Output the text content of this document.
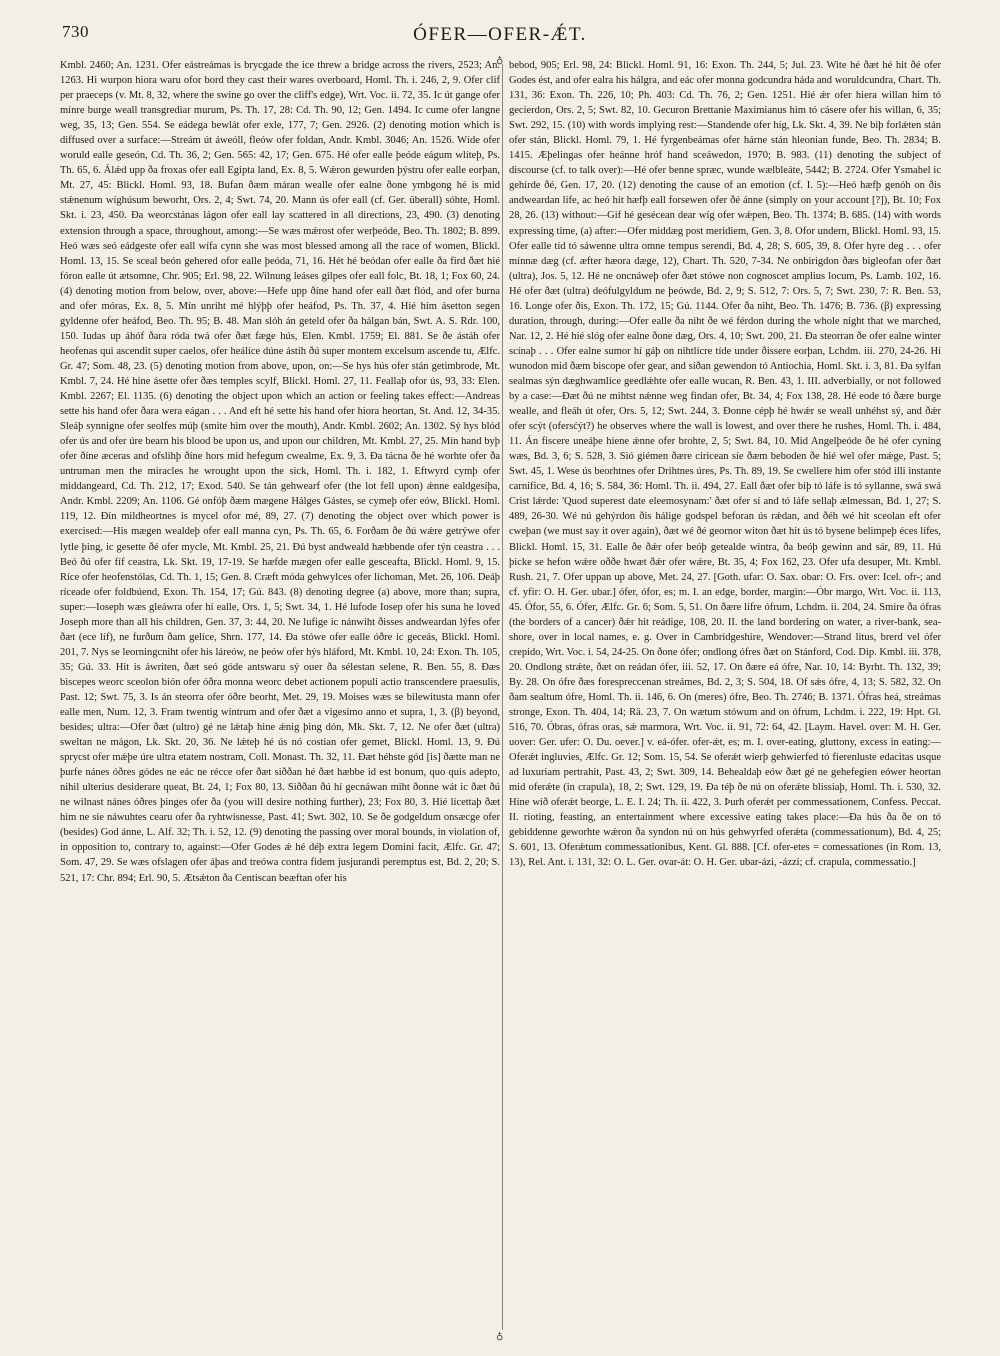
730	ÓFER—OFER-ǼT.
♁
♁

Kmbl. 2460; An. 1231. Ofer eástreámas is brycgade the ice threw a bridge across the rivers, 2523; An. 1263. Hi wurpon hiora waru ofor bord they cast their wares overboard, Homl. Th. i. 246, 2, 9. Ofer clif per praeceps (v. Mt. 8, 32, where the swine go over the cliff's edge), Wrt. Voc. ii. 72, 35. Ic út gange ofer mínre burge weall transgrediar murum, Ps. Th. 17, 28: Cd. Th. 90, 12; Gen. 1494. Ic cume ofer langne weg, 35, 13; Gen. 554. Se eádega bewlát ofer exle, 177, 7; Gen. 2926. (2) denoting motion which is diffused over a surface:—Streám út áweóll, fleów ofer foldan, Andr. Kmbl. 3046; An. 1526. Wíde ofer woruld ealle geseón, Cd. Th. 36, 2; Gen. 565: 42, 17; Gen. 675. Hé ofer ealle þeóde eágum wlíteþ, Ps. Th. 65, 6. Álǽd upp ða froxas ofer eall Egipta land, Ex. 8, 5. Wǽron gewurden þýstru ofer ealle eorþan, Mt. 27, 45: Blickl. Homl. 93, 18. Bufan ðæm máran wealle ofer ealne ðone ymbgong hé is mid stǽnenum wíghúsum beworht, Ors. 2, 4; Swt. 74, 20. Mann ús ofer eall (cf. Ger. überall) sóhte, Homl. Skt. i. 23, 450. Ða weorcstánas lágon ofer eall lay scattered in all directions, 23, 490. (3) denoting extension through a space, throughout, among:—Se wæs mǽrost ofer werþeóde, Beo. Th. 1802; B. 899. Heó wæs seó eádgeste ofer eall wífa cynn she was most blessed among all the race of women, Blickl. Homl. 13, 15. Se sceal beón gehered ofor ealle þeóda, 71, 16. Hét hé beódan ofer ealle ða fird ðæt hié fóron ealle út ætsomne, Chr. 905; Erl. 98, 22. Wilnung leáses gilpes ofer eall folc, Bt. 18, 1; Fox 60, 24. (4) denoting motion from below, over, above:—Hefe upp ðíne hand ofer eall ðæt flód, and ofer burna and ofer móras, Ex. 8, 5. Mín unriht mé hlýþþ ofer heáfod, Ps. Th. 37, 4. Hié him ásetton segen gyldenne ofer heáfod, Beo. Th. 95; B. 48. Man slóh án geteld ofer ða hálgan bán, Swt. A. S. Rdr. 100, 150. Iudas up áhóf ðara róda twá ofer ðæt fæge hús, Elen. Kmbl. 1759; El. 881. Se ðe ástáh ofer heofenas qui ascendit super caelos, ofer heálíce dúne ástíh ðú super montem excelsum ascende tu, Ælfc. Gr. 47; Som. 48, 23. (5) denoting motion from above, upon, on:—Se hys hús ofer stán getimbrode, Mt. Kmbl. 7, 24. Hé hine ásette ofer ðæs temples scylf, Blickl. Homl. 27, 11. Feallaþ ofor ús, 93, 33: Elen. Kmbl. 2267; El. 1135. (6) denoting the object upon which an action or feeling takes effect:—Andreas sette his hand ofer ðara wera eágan . . . And eft hé sette his hand ofer hiora heortan, St. And. 12, 34-35. Sleáþ synnigne ofer seolfes múþ (smite him over the mouth), Andr. Kmbl. 2602; An. 1302. Sý hys blód ofer ús and ofer úre bearn his blood be upon us, and upon our children, Mt. Kmbl. 27, 25. Mín hand byþ ofer ðíne æceras and ofslihþ ðíne hors mid hefegum cwealme, Ex. 9, 3. Ða tácna ðe hé worhte ofer ða untruman men the miracles he wrought upon the sick, Homl. Th. i. 182, 1. Eftwyrd cymþ ofer middangeard, Cd. Th. 212, 17; Exod. 540. Se tán gehwearf ofer (the lot fell upon) ǽnne ealdgesíþa, Andr. Kmbl. 2209; An. 1106. Gé onfóþ ðæm mægene Hálges Gástes, se cymeþ ofer eów, Blickl. Homl. 119, 12. Ðín mildheortnes is mycel ofor mé, 89, 27. (7) denoting the object over which power is exercised:—His mægen wealdeþ ofer eall manna cyn, Ps. Th. 65, 6. Forðam ðe ðú wǽre getrýwe ofer lytle þing, ic gesette ðé ofer mycle, Mt. Kmbl. 25, 21. Ðú byst andweald hæbbende ofer týn ceastra . . . Beó ðú ofer fíf ceastra, Lk. Skt. 19, 17-19. Se hæfde mægen ofer ealle gesceafta, Blickl. Homl. 9, 15. Ríce ofer heofenstólas, Cd. Th. 1, 15; Gen. 8. Cræft móda gehwylces ofer líchoman, Met. 26, 106. Deáþ ríceade ofer foldbúend, Exon. Th. 154, 17; Gú. 843. (8) denoting degree (a) above, more than; supra, super:—Ioseph wæs gleáwra ofer hí ealle, Ors. 1, 5; Swt. 34, 1. Hé lufode Iosep ofer his suna he loved Joseph more than all his children, Gen. 37, 3: 44, 20. Ne lufige ic nánwiht ðisses andweardan lýfes ofer ðæt (ece líf), ne furðum ðam gelíce, Shrn. 177, 14. Ða stówe ofer ealle óðre ic geceás, Blickl. Homl. 201, 7. Nys se leorningcniht ofer his láreów, ne þeów ofer hýs hláford, Mt. Kmbl. 10, 24: Exon. Th. 105, 35; Gú. 33. Hit is áwriten, ðæt seó góde antswaru sý ouer ða sélestan selene, R. Ben. 55, 8. Ðæs biscepes weorc sceolon bión ofer óðra monna weorc debet actionem populi actio transcendere praesulis, Past. 12; Swt. 75, 3. Is án steorra ofer óðre beorht, Met. 29, 19. Moises wæs se bilewitusta mann ofer ealle men, Num. 12, 3. Fram twentig wintrum and ofer ðæt a vigesimo anno et supra, 1, 3. (β) beyond, besides; ultra:—Ofer ðæt (ultro) gé ne lǽtaþ hine ǽnig þing dón, Mk. Skt. 7, 12. Ne ofer ðæt (ultra) sweltan ne mágon, Lk. Skt. 20, 36. Ne lǽteþ hé ús nó costian ofer gemet, Blickl. Homl. 13, 9. Ðú sprycst ofer mǽþe úre ultra etatem nostram, Coll. Monast. Th. 32, 11. Ðæt héhste gód [is] ðætte man ne þurfe nánes óðres gódes ne eác ne récce ofer ðæt siððan hé ðæt hæbbe id est bonum, quo quis adepto, nihil ulterius desiderare queat, Bt. 24, 1; Fox 80, 13. Siððan ðú hí gecnáwan miht ðonne wát ic ðæt ðú ne wilnast nánes óðres þinges ofer ða (you will desire nothing further), 23; Fox 80, 3. Hié lícettaþ ðæt him ne síe náwuhtes cearu ofer ða ryhtwísnesse, Past. 41; Swt. 302, 10. Se ðe godgeldum onsæcge ofer (besides) God ánne, L. Alf. 32; Th. i. 52, 12. (9) denoting the passing over moral bounds, in violation of, in opposition to, contrary to, against:—Ofer Godes ǽ hé déþ extra legem Domini facit, Ælfc. Gr. 47; Som. 47, 29. Se wæs ofslagen ofer áþas and treówa contra fidem jusjurandi peremptus est, Bd. 2, 20; S. 521, 17: Chr. 894; Erl. 90, 5. Ætsǽton ða Centiscan beæftan ofer his

bebod, 905; Erl. 98, 24: Blickl. Homl. 91, 16: Exon. Th. 244, 5; Jul. 23. Wite hé ðæt hé hit ðé ofer Godes ést, and ofer ealra his hálgra, and eác ofer monna godcundra háda and woruldcundra, Chart. Th. 131, 36: Exon. Th. 226, 10; Ph. 403: Cd. Th. 76, 2; Gen. 1251. Hié ǽr ofer hiera willan him tó gecierdon, Ors. 2, 5; Swt. 82, 10. Gecuron Brettanie Maximianus him tó cásere ofer his willan, 6, 35; Swt. 292, 15. (10) with words implying rest:—Standende ofer híg, Lk. Skt. 4, 39. Ne biþ forlǽten stán ofer stán, Blickl. Homl. 79, 1. Hé fyrgenbeámas ofer hárne stán hleonian funde, Beo. Th. 2834; B. 1415. Æþelingas ofer heánne hróf hand sceáwedon, 1970; B. 983. (11) denoting the subject of discourse (cf. to talk over):—Hé ofer benne spræc, wunde wælbleáte, 5442; B. 2724. Ofer Ysmahel ic gehírde ðé, Gen. 17, 20. (12) denoting the cause of an emotion (cf. I. 5):—Heó hæfþ genóh on ðis andweardan lífe, ac heó hit hæfþ eall forsewen ofer ðé ánne (simply on your account [?]), Bt. 10; Fox 28, 26. (13) without:—Gif hé gesécean dear wíg ofer wǽpen, Beo. Th. 1374; B. 685. (14) with words expressing time, (a) after:—Ofer middæg post meridiem, Gen. 3, 8. Ofor undern, Blickl. Homl. 93, 15. Ofer ealle tíd tó sáwenne ultra omne tempus serendi, Bd. 4, 28; S. 605, 39, 8. Ofer hyre deg . . . ofer mínnæ dæg (cf. æfter hæora dæge, 12), Chart. Th. 520, 7-34. Ne onbirigdon ðæs bigleofan ofer ðæt (ultra), Jos. 5, 12. Hé ne oncnáweþ ofer ðæt stówe non cognoscet amplius locum, Ps. Lamb. 102, 16. Hé ofer ðæt (ultra) deófulgyldum ne þeówde, Bd. 2, 9; S. 512, 7: Ors. 5, 7; Swt. 230, 7: R. Ben. 53, 16. Longe ofer ðis, Exon. Th. 172, 15; Gú. 1144. Ofer ða niht, Beo. Th. 1476; B. 736. (β) expressing duration, through, during:—Ofer ealle ða niht ðe wé férdon during the whole night that we marched, Nar. 12, 2. Hé hié slóg ofer ealne ðone dæg, Ors. 4, 10; Swt. 200, 21. Ða steorran ðe ofer ealne winter scínaþ . . . Ofer ealne sumor hí gáþ on nihtlícre tíde under ðissere eorþan, Lchdm. iii. 270, 24-26. Hí wunodon mid ðæm biscope ofer gear, and síðan gewendon tó Antiochia, Homl. Skt. i. 3, 81. Ða sylfan sealmas sýn dæghwamlíce geedlǽhte ofer ealle wucan, R. Ben. 43, 1. III. adverbially, or not followed by a case:—Ðæt ðú ne mihtst nǽnne weg findan ofer, Bt. 34, 4; Fox 138, 28. Hé eode tó ðære burge wealle, and fleáh út ofer, Ors. 5, 12; Swt. 244, 3. Ðonne cépþ hé hwǽr se weall unhéhst sý, and ðǽr ofer scýt (ofersćýt?) he observes where the wall is lowest, and over there he rushes, Homl. Th. i. 484, 11. Án fiscere uneáþe hiene ǽnne ofer brohte, 2, 5; Swt. 84, 10. Mid Angelþeóde ðe hé ofer cyning wæs, Bd. 3, 6; S. 528, 3. Sió giémen ðære ciricean síe ðæm beboden ðe hié wel ofer mǽge, Past. 5; Swt. 45, 1. Wese ús beorhtnes ofer Drihtnes úres, Ps. Th. 89, 19. Se cwellere him ofer stód illi instante carnifice, Bd. 4, 16; S. 584, 36: Homl. Th. ii. 494, 27. Eall ðæt ofer biþ tó láfe is tó syllanne, swá swá Crist lǽrde: 'Quod superest date eleemosynam:' ðæt ofer sí and tó láfe sellaþ ælmessan, Bd. 1, 27; S. 489, 26-30. Wé nú gehýrdon ðis hálige godspel beforan ús rǽdan, and ðéh wé hit sceolan eft ofer cweþan (we must say it over again), ðæt wé ðé geornor witon ðæt hit ús tó bysene belimpeþ éces lífes, Blickl. Homl. 15, 31. Ealle ðe ðǽr ofer beóþ getealde wintra, ða beóþ gewinn and sár, 89, 11. Hú þicke se hefon wǽre oððe hwæt ðǽr ofer wǽre, Bt. 35, 4; Fox 162, 23. Ofer ufa desuper, Mt. Kmbl. Rush. 21, 7. Ofer uppan up above, Met. 24, 27. [Goth. ufar: O. Sax. obar: O. Frs. over: Icel. ofr-; and cf. yfir: O. H. Ger. ubar.] ófer, ófor, es; m. I. an edge, border, margin:—Óbr margo, Wrt. Voc. ii. 113, 45. Ófor, 55, 6. Ófer, Ælfc. Gr. 6; Som. 5, 51. On ðære lífre ófrum, Lchdm. ii. 204, 24. Smire ða ófras (the borders of a cancer) ðǽr hit reádige, 108, 20. II. the land bordering on water, a river-bank, sea-shore, over in local names, e. g. Over in Cambridgeshire, Wendover:—Strand litus, brerd vel ófer crepido, Wrt. Voc. i. 54, 24-25. On ðone ófer; ondlong ófres ðæt on Stánford, Cod. Dip. Kmbl. iii. 378, 20. Ondlong strǽte, ðæt on reádan ófer, iii. 52, 17. On ðære eá ófre, Nar. 10, 14: Byrht. Th. 132, 39; By. 28. On ófre ðæs forespreccenan streámes, Bd. 2, 3; S. 504, 18. Of sǽs ófre, 4, 13; S. 582, 32. On ðam sealtum ófre, Homl. Th. ii. 146, 6. On (meres) ófre, Beo. Th. 2746; B. 1371. Ófras heá, streámas stronge, Exon. Th. 404, 14; Rä. 23, 7. On wætum stówum and on ófrum, Lchdm. i. 222, 19: Hpt. Gl. 516, 70. Óbras, ófras oras, sǽ marmora, Wrt. Voc. ii. 91, 72: 64, 42. [Laym. Havel. over: M. H. Ger. uover: Ger. ufer: O. Du. oever.] v. eá-ófer. ofer-ǽt, es; m. I. over-eating, gluttony, excess in eating:—Oferǽt ingluvies, Ælfc. Gr. 12; Som. 15, 54. Se oferǽt wierþ gehwierfed tó fierenluste edacitas usque ad luxuriam pertrahit, Past. 43, 2; Swt. 309, 14. Behealdaþ eów ðæt gé ne gehefegien eówer heortan mid oferǽte (in crapula), 18, 2; Swt. 129, 19. Ða téþ ðe nú on oferǽte blissiaþ, Homl. Th. i. 530, 32. Hine wið oferǽt beorge, L. E. I. 24; Th. ii. 422, 3. Þurh oferǽt per commessationem, Confess. Peccat. II. rioting, feasting, an entertainment where excessive eating takes place:—Ða hús ða ðe on tó gebiddenne geworhte wǽron ða syndon nú on hús gehwyrfed oferǽta (commessationum), Bd. 4, 25; S. 601, 13. Oferǽtum commessationibus, Kent. Gl. 888. [Cf. ofer-etes = comessationes (in Rom. 13, 13), Rel. Ant. i. 131, 32: O. L. Ger. ovar-át: O. H. Ger. ubar-ázi, -ázzi; cf. crapula, commessatio.]
